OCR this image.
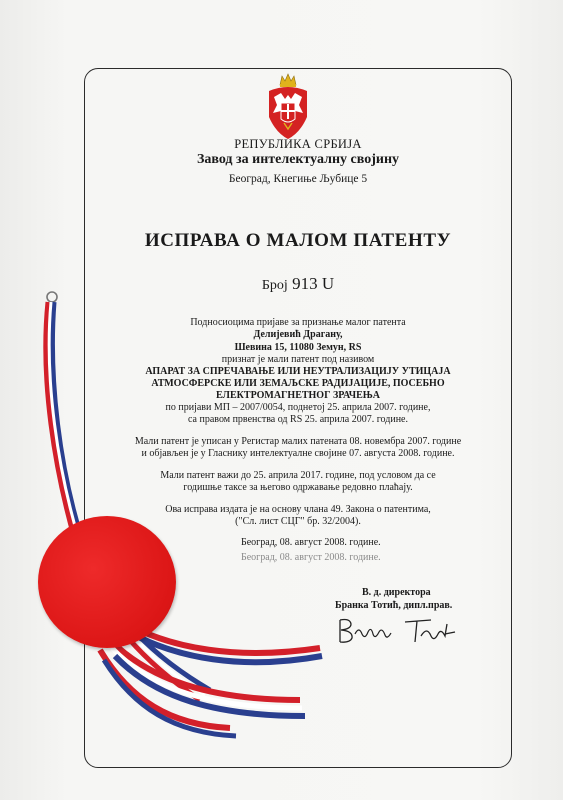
РЕПУБЛИКА СРБИЈА
Завод за интелектуалну својину
Београд, Кнегиње Љубице 5
ИСПРАВА О МАЛОМ ПАТЕНТУ
Број 913 U
Подносиоцима пријаве за признање малог патента
Делијевић Драгану,
Шевина 15, 11080 Земун, RS
признат је мали патент под називом
АПАРАТ ЗА СПРЕЧАВАЊЕ ИЛИ НЕУТРАЛИЗАЦИЈУ УТИЦАЈА
АТМОСФЕРСКЕ ИЛИ ЗЕМАЉСКЕ РАДИЈАЦИЈЕ, ПОСЕБНО
ЕЛЕКТРОМАГНЕТНОГ ЗРАЧЕЊА
по пријави МП – 2007/0054, поднетој 25. априла 2007. године,
са правом првенства од RS 25. априла 2007. године.
Мали патент је уписан у Регистар малих патената 08. новембра 2007. године
и објављен је у Гласнику интелектуалне својине 07. августа 2008. године.
Мали патент важи до 25. априла 2017. године, под условом да се
годишње таксе за његово одржавање редовно плаћају.
Ова исправа издата је на основу члана 49. Закона о патентима,
("Сл. лист СЦГ" бр. 32/2004).
Београд, 08. август 2008. године.
Београд, 08. август 2008. године.
В. д. директора
Бранка Тотић, дипл.прав.
